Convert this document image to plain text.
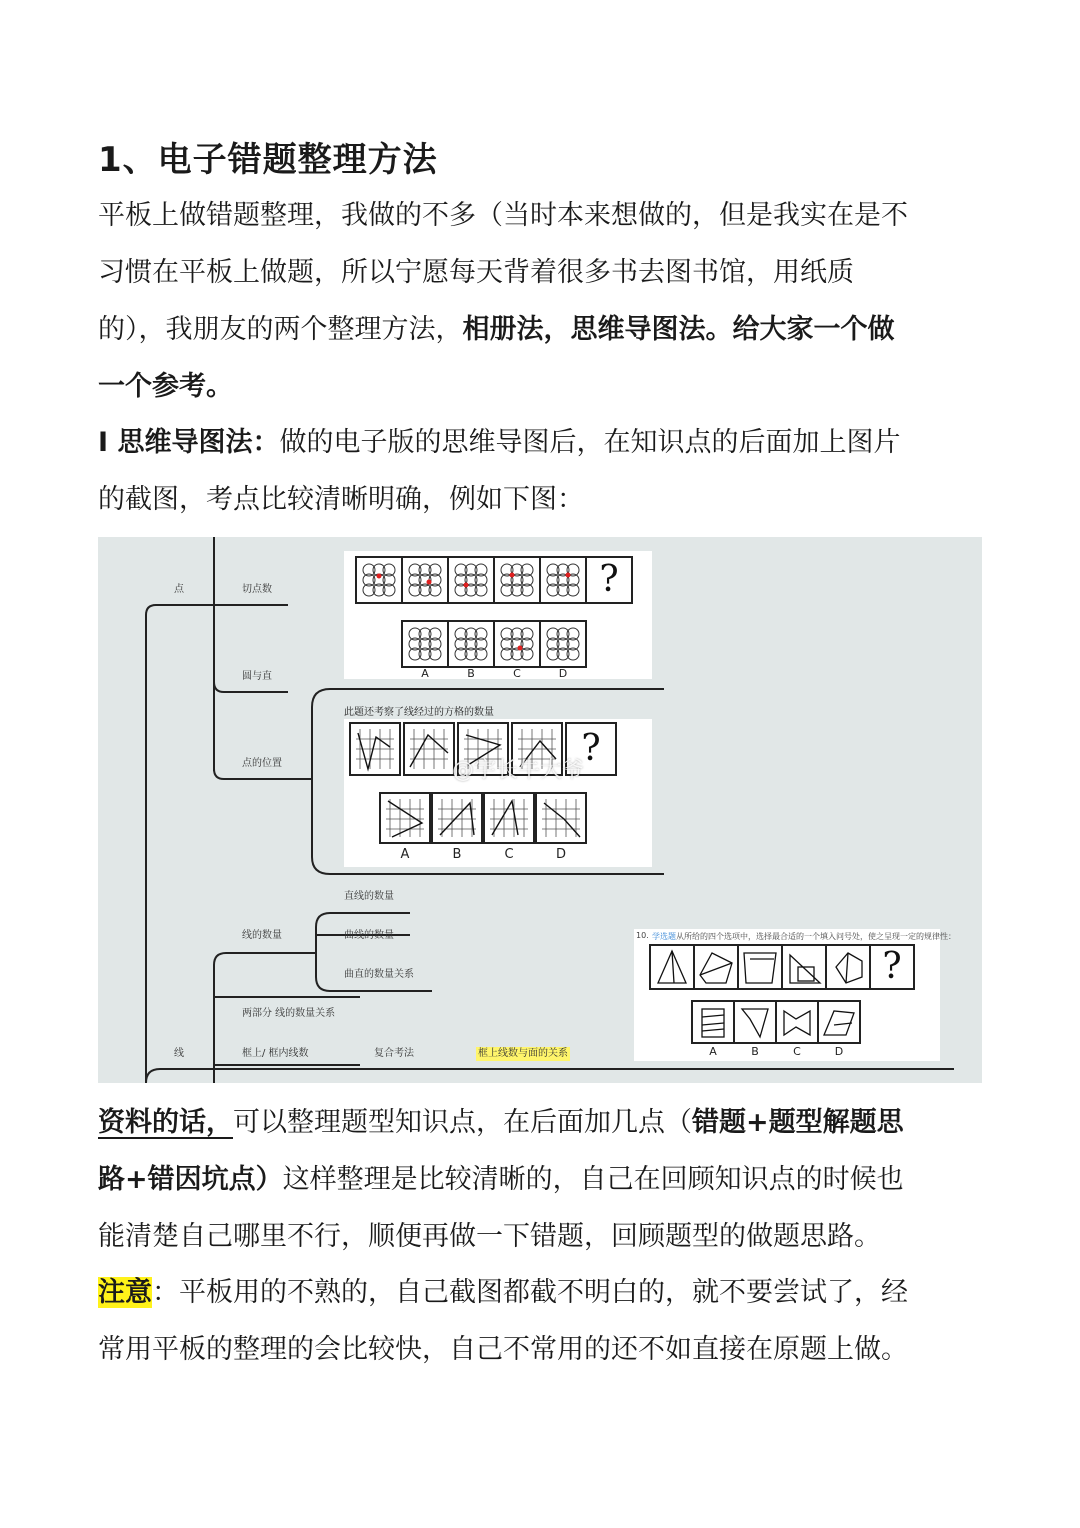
1、电子错题整理方法
平板上做错题整理，我做的不多（当时本来想做的，但是我实在是不
习惯在平板上做题，所以宁愿每天背着很多书去图书馆，用纸质
的），我朋友的两个整理方法，相册法，思维导图法。给大家一个做
一个参考。
I 思维导图法：做的电子版的思维导图后，在知识点的后面加上图片
的截图，考点比较清晰明确，例如下图：
点	切点数
圆与直
点的位置
线的数量
直线的数量
曲线的数量
曲直的数量关系
两部分 线的数量关系
线	框上/ 框内线数	复合考法	框上线数与面的关系
?
A	B	C	D
此题还考察了线经过的方格的数量
?
A	B	C	D
10. 学选题 从所给的四个选项中，选择最合适的一个填入问号处，使之呈现一定的规律性：
?
A	B	C	D
@宇长牛大爷
资料的话，可以整理题型知识点，在后面加几点（错题+题型解题思
路+错因坑点）这样整理是比较清晰的，自己在回顾知识点的时候也
能清楚自己哪里不行，顺便再做一下错题，回顾题型的做题思路。
注意：平板用的不熟的，自己截图都截不明白的，就不要尝试了，经
常用平板的整理的会比较快，自己不常用的还不如直接在原题上做。
